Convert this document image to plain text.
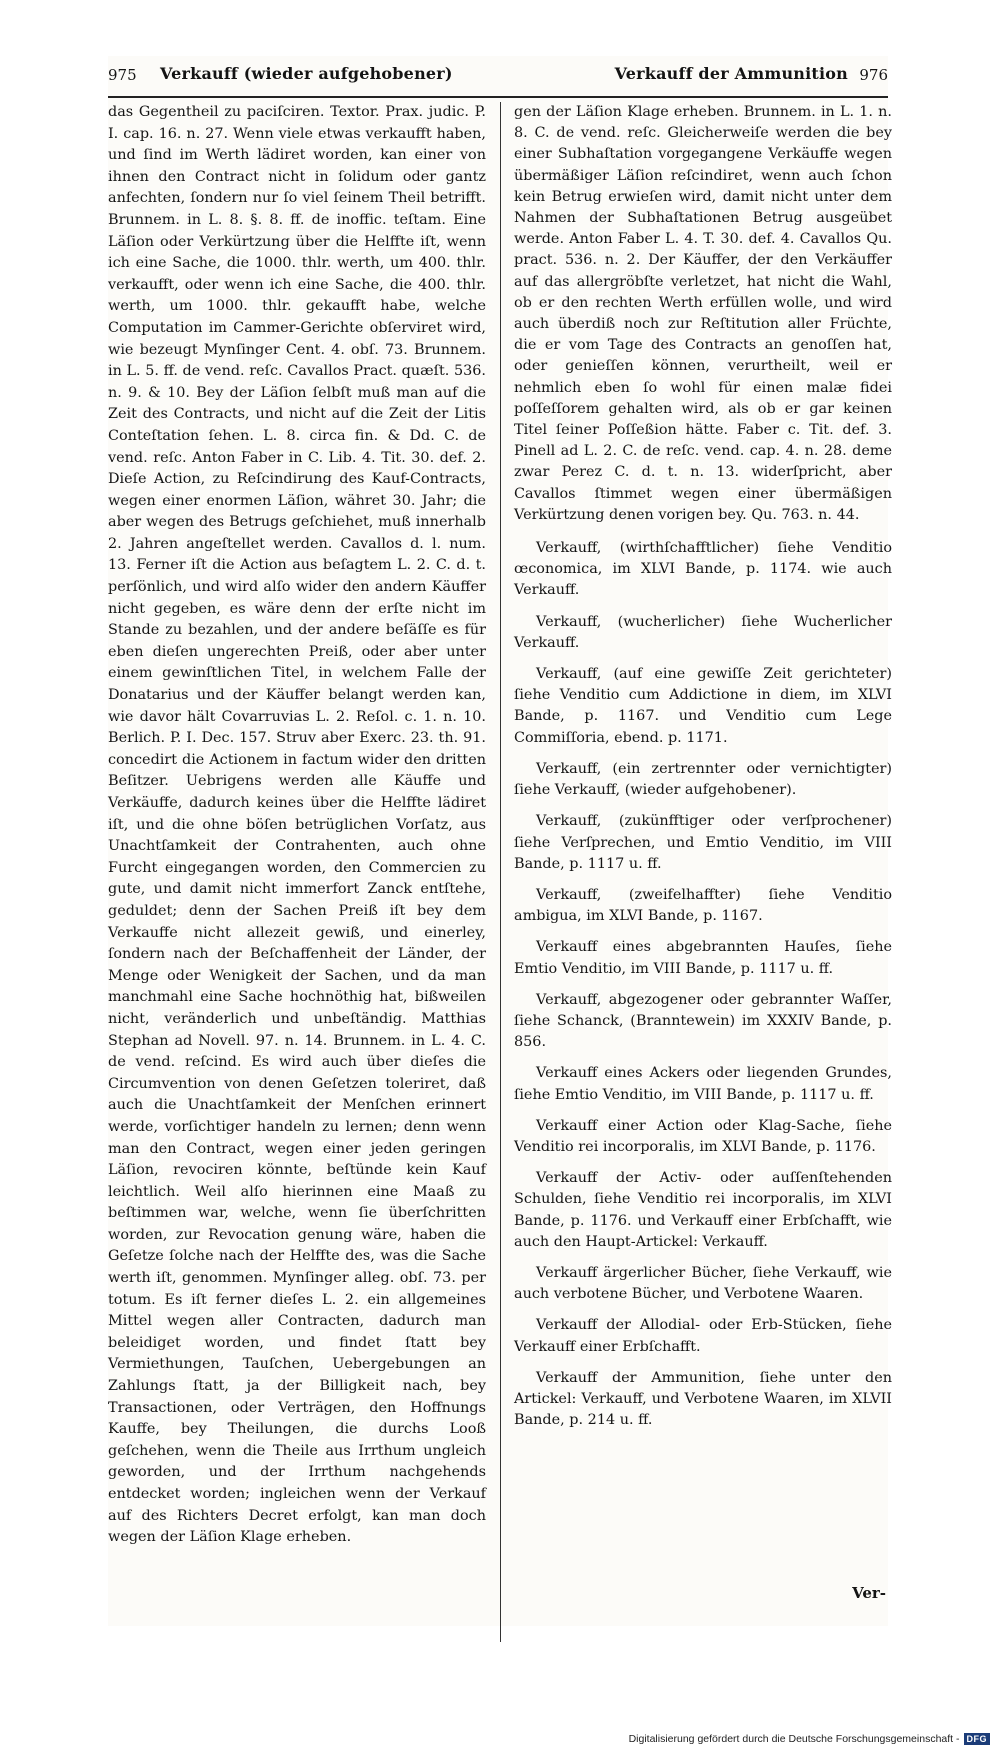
975 Verkauff (wieder aufgehobener)	Verkauff der Ammunition 976

das Gegentheil zu paciſciren. Textor. Prax. judic. P. I. cap. 16. n. 27. Wenn viele etwas verkaufft haben, und ſind im Werth lädiret worden, kan einer von ihnen den Contract nicht in ſolidum oder gantz anfechten, ſondern nur ſo viel ſeinem Theil betrifft. Brunnem. in L. 8. §. 8. ff. de inoffic. teſtam. Eine Läſion oder Verkürtzung über die Helffte iſt, wenn ich eine Sache, die 1000. thlr. werth, um 400. thlr. verkaufft, oder wenn ich eine Sache, die 400. thlr. werth, um 1000. thlr. gekaufft habe, welche Computation im Cammer-Gerichte obſerviret wird, wie bezeugt Mynſinger Cent. 4. obſ. 73. Brunnem. in L. 5. ff. de vend. reſc. Cavallos Pract. quæſt. 536. n. 9. & 10. Bey der Läſion ſelbſt muß man auf die Zeit des Contracts, und nicht auf die Zeit der Litis Conteſtation ſehen. L. 8. circa fin. & Dd. C. de vend. reſc. Anton Faber in C. Lib. 4. Tit. 30. def. 2. Dieſe Action, zu Reſcindirung des Kauf-Contracts, wegen einer enormen Läſion, währet 30. Jahr; die aber wegen des Betrugs geſchiehet, muß innerhalb 2. Jahren angeſtellet werden. Cavallos d. l. num. 13. Ferner iſt die Action aus beſagtem L. 2. C. d. t. perſönlich, und wird alſo wider den andern Käuffer nicht gegeben, es wäre denn der erſte nicht im Stande zu bezahlen, und der andere beſäſſe es für eben dieſen ungerechten Preiß, oder aber unter einem gewinſtlichen Titel, in welchem Falle der Donatarius und der Käuffer belangt werden kan, wie davor hält Covarruvias L. 2. Reſol. c. 1. n. 10. Berlich. P. I. Dec. 157. Struv aber Exerc. 23. th. 91. concedirt die Actionem in factum wider den dritten Beſitzer. Uebrigens werden alle Käuffe und Verkäuffe, dadurch keines über die Helffte lädiret iſt, und die ohne böſen betrüglichen Vorſatz, aus Unachtſamkeit der Contrahenten, auch ohne Furcht eingegangen worden, den Commercien zu gute, und damit nicht immerfort Zanck entſtehe, geduldet; denn der Sachen Preiß iſt bey dem Verkauffe nicht allezeit gewiß, und einerley, ſondern nach der Beſchaffenheit der Länder, der Menge oder Wenigkeit der Sachen, und da man manchmahl eine Sache hochnöthig hat, bißweilen nicht, veränderlich und unbeſtändig. Matthias Stephan ad Novell. 97. n. 14. Brunnem. in L. 4. C. de vend. reſcind. Es wird auch über dieſes die Circumvention von denen Geſetzen toleriret, daß auch die Unachtſamkeit der Menſchen erinnert werde, vorſichtiger handeln zu lernen; denn wenn man den Contract, wegen einer jeden geringen Läſion, revociren könnte, beſtünde kein Kauf leichtlich. Weil alſo hierinnen eine Maaß zu beſtimmen war, welche, wenn ſie überſchritten worden, zur Revocation genung wäre, haben die Geſetze ſolche nach der Helffte des, was die Sache werth iſt, genommen. Mynſinger alleg. obſ. 73. per totum. Es iſt ferner dieſes L. 2. ein allgemeines Mittel wegen aller Contracten, dadurch man beleidiget worden, und findet ſtatt bey Vermiethungen, Tauſchen, Uebergebungen an Zahlungs ſtatt, ja der Billigkeit nach, bey Transactionen, oder Verträgen, den Hoffnungs Kauffe, bey Theilungen, die durchs Looß geſchehen, wenn die Theile aus Irrthum ungleich geworden, und der Irrthum nachgehends entdecket worden; ingleichen wenn der Verkauf auf des Richters Decret erfolgt, kan man doch wegen der Läſion Klage erheben.

gen der Läſion Klage erheben. Brunnem. in L. 1. n. 8. C. de vend. reſc. Gleicherweiſe werden die bey einer Subhaſtation vorgegangene Verkäuffe wegen übermäßiger Läſion reſcindiret, wenn auch ſchon kein Betrug erwieſen wird, damit nicht unter dem Nahmen der Subhaſtationen Betrug ausgeübet werde. Anton Faber L. 4. T. 30. def. 4. Cavallos Qu. pract. 536. n. 2. Der Käuffer, der den Verkäuffer auf das allergröbſte verletzet, hat nicht die Wahl, ob er den rechten Werth erfüllen wolle, und wird auch überdiß noch zur Reſtitution aller Früchte, die er vom Tage des Contracts an genoſſen hat, oder genieſſen können, verurtheilt, weil er nehmlich eben ſo wohl für einen malæ fidei poſſeſſorem gehalten wird, als ob er gar keinen Titel ſeiner Poſſeßion hätte. Faber c. Tit. def. 3. Pinell ad L. 2. C. de reſc. vend. cap. 4. n. 28. deme zwar Perez C. d. t. n. 13. widerſpricht, aber Cavallos ſtimmet wegen einer übermäßigen Verkürtzung denen vorigen bey. Qu. 763. n. 44.

Verkauff, (wirthſchafftlicher) ſiehe Venditio œconomica, im XLVI Bande, p. 1174. wie auch Verkauff.

Verkauff, (wucherlicher) ſiehe Wucherlicher Verkauff.

Verkauff, (auf eine gewiſſe Zeit gerichteter) ſiehe Venditio cum Addictione in diem, im XLVI Bande, p. 1167. und Venditio cum Lege Commiſſoria, ebend. p. 1171.

Verkauff, (ein zertrennter oder vernichtigter) ſiehe Verkauff, (wieder aufgehobener).

Verkauff, (zukünfftiger oder verſprochener) ſiehe Verſprechen, und Emtio Venditio, im VIII Bande, p. 1117 u. ff.

Verkauff, (zweifelhaffter) ſiehe Venditio ambigua, im XLVI Bande, p. 1167.

Verkauff eines abgebrannten Hauſes, ſiehe Emtio Venditio, im VIII Bande, p. 1117 u. ff.

Verkauff, abgezogener oder gebrannter Waſſer, ſiehe Schanck, (Branntewein) im XXXIV Bande, p. 856.

Verkauff eines Ackers oder liegenden Grundes, ſiehe Emtio Venditio, im VIII Bande, p. 1117 u. ff.

Verkauff einer Action oder Klag-Sache, ſiehe Venditio rei incorporalis, im XLVI Bande, p. 1176.

Verkauff der Activ- oder auſſenſtehenden Schulden, ſiehe Venditio rei incorporalis, im XLVI Bande, p. 1176. und Verkauff einer Erbſchafft, wie auch den Haupt-Artickel: Verkauff.

Verkauff ärgerlicher Bücher, ſiehe Verkauff, wie auch verbotene Bücher, und Verbotene Waaren.

Verkauff der Allodial- oder Erb-Stücken, ſiehe Verkauff einer Erbſchafft.

Verkauff der Ammunition, ſiehe unter den Artickel: Verkauff, und Verbotene Waaren, im XLVII Bande, p. 214 u. ff.

Ver-
Digitalisierung gefördert durch die Deutsche Forschungsgemeinschaft - DFG
